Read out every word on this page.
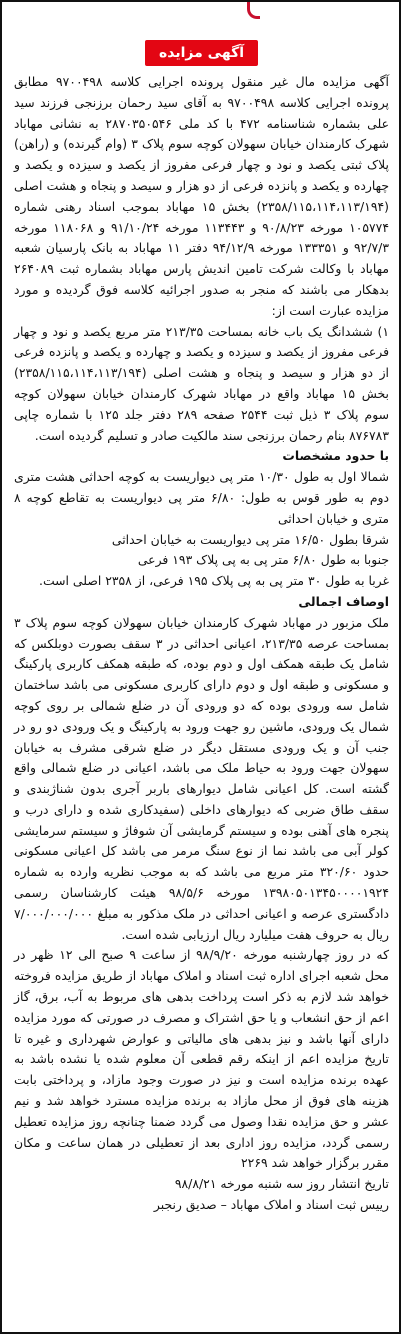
آگهی مزایده

آگهی مزایده مال غیر منقول پرونده اجرایی کلاسه ۹۷۰۰۴۹۸ مطابق پرونده اجرایی کلاسه ۹۷۰۰۴۹۸ به آقای سید رحمان برزنجی فرزند سید علی بشماره شناسنامه ۴۷۲ با کد ملی ۲۸۷۰۳۵۰۵۴۶ به نشانی مهاباد شهرک کارمندان خیابان سهولان کوچه سوم پلاک ۳ (وام گیرنده) و (راهن) پلاک ثبتی یکصد و نود و چهار فرعی مفروز از یکصد و سیزده و یکصد و چهارده و یکصد و پانزده فرعی از دو هزار و سیصد و پنجاه و هشت اصلی (۲۳۵۸/۱۱۵،۱۱۴،۱۱۳/۱۹۴) بخش ۱۵ مهاباد بموجب اسناد رهنی شماره ۱۰۵۷۷۴ مورخه ۹۰/۸/۲۳ و ۱۱۳۴۴۳ مورخه ۹۱/۱۰/۲۴ و ۱۱۸۰۶۸ مورخه ۹۲/۷/۳ و ۱۳۳۳۵۱ مورخه ۹۴/۱۲/۹ دفتر ۱۱ مهاباد به بانک پارسیان شعبه مهاباد با وکالت شرکت تامین اندیش پارس مهاباد بشماره ثبت ۲۶۴۰۸۹ بدهکار می باشند که منجر به صدور اجرائیه کلاسه فوق گردیده و مورد مزایده عبارت است از:

۱) ششدانگ یک باب خانه بمساحت ۲۱۳/۳۵ متر مربع یکصد و نود و چهار فرعی مفروز از یکصد و سیزده و یکصد و چهارده و یکصد و پانزده فرعی از دو هزار و سیصد و پنجاه و هشت اصلی (۲۳۵۸/۱۱۵،۱۱۴،۱۱۳/۱۹۴) بخش ۱۵ مهاباد واقع در مهاباد شهرک کارمندان خیابان سهولان کوچه سوم پلاک ۳ ذیل ثبت ۲۵۴۴ صفحه ۲۸۹ دفتر جلد ۱۲۵ با شماره چاپی ۸۷۶۷۸۳ بنام رحمان برزنجی سند مالکیت صادر و تسلیم گردیده است.

با حدود مشخصات

شمالا اول به طول ۱۰/۳۰ متر پی دیواریست به کوچه احداثی هشت متری دوم به طور قوس به طول: ۶/۸۰ متر پی دیواریست به تقاطع کوچه ۸ متری و خیابان احداثی

شرقا بطول ۱۶/۵۰ متر پی دیواریست به خیابان احداثی

جنوبا به طول ۶/۸۰ متر پی به پی پلاک ۱۹۳ فرعی

غربا به طول ۳۰ متر پی به پی پلاک ۱۹۵ فرعی، از ۲۳۵۸ اصلی است.

اوصاف اجمالی

ملک مزبور در مهاباد شهرک کارمندان خیابان سهولان کوچه سوم پلاک ۳ بمساحت عرصه ۲۱۳/۳۵، اعیانی احداثی در ۳ سقف بصورت دوبلکس که شامل یک طبقه همکف اول و دوم بوده، که طبقه همکف کاربری پارکینگ و مسکونی و طبقه اول و دوم دارای کاربری مسکونی می باشد ساختمان شامل سه ورودی بوده که دو ورودی آن در ضلع شمالی بر روی کوچه شمال یک ورودی، ماشین رو جهت ورود به پارکینگ و یک ورودی دو رو در جنب آن و یک ورودی مستقل دیگر در ضلع شرقی مشرف به خیابان سهولان جهت ورود به حیاط ملک می باشد، اعیانی در ضلع شمالی واقع گشته است. کل اعیانی شامل دیوارهای باربر آجری بدون شناژبندی و سقف طاق ضربی که دیوارهای داخلی (سفیدکاری شده و دارای درب و پنجره های آهنی بوده و سیستم گرمایشی آن شوفاژ و سیستم سرمایشی کولر آبی می باشد نما از نوع سنگ مرمر می باشد کل اعیانی مسکونی حدود ۳۲۰/۶۰ متر مربع می باشد که به موجب نظریه وارده به شماره ۱۳۹۸۰۵۰۱۳۴۵۰۰۰۰۱۹۲۴ مورخه ۹۸/۵/۶ هیئت کارشناسان رسمی دادگستری عرصه و اعیانی احداثی در ملک مذکور به مبلغ ۷/۰۰۰/۰۰۰/۰۰۰ ریال به حروف هفت میلیارد ریال ارزیابی شده است.

که در روز چهارشنبه مورخه ۹۸/۹/۲۰ از ساعت ۹ صبح الی ۱۲ ظهر در محل شعبه اجرای اداره ثبت اسناد و املاک مهاباد از طریق مزایده فروخته خواهد شد لازم به ذکر است پرداخت بدهی های مربوط به آب، برق، گاز اعم از حق انشعاب و یا حق اشتراک و مصرف در صورتی که مورد مزایده دارای آنها باشد و نیز بدهی های مالیاتی و عوارض شهرداری و غیره تا تاریخ مزایده اعم از اینکه رقم قطعی آن معلوم شده یا نشده باشد به عهده برنده مزایده است و نیز در صورت وجود مازاد، و پرداختی بابت هزینه های فوق از محل مازاد به برنده مزایده مسترد خواهد شد و نیم عشر و حق مزایده نقدا وصول می گردد ضمنا چنانچه روز مزایده تعطیل رسمی گردد، مزایده روز اداری بعد از تعطیلی در همان ساعت و مکان مقرر برگزار خواهد شد ۲۲۶۹

تاریخ انتشار روز سه شنبه مورخه ۹۸/۸/۲۱

رییس ثبت اسناد و املاک مهاباد – صدیق رنجبر
